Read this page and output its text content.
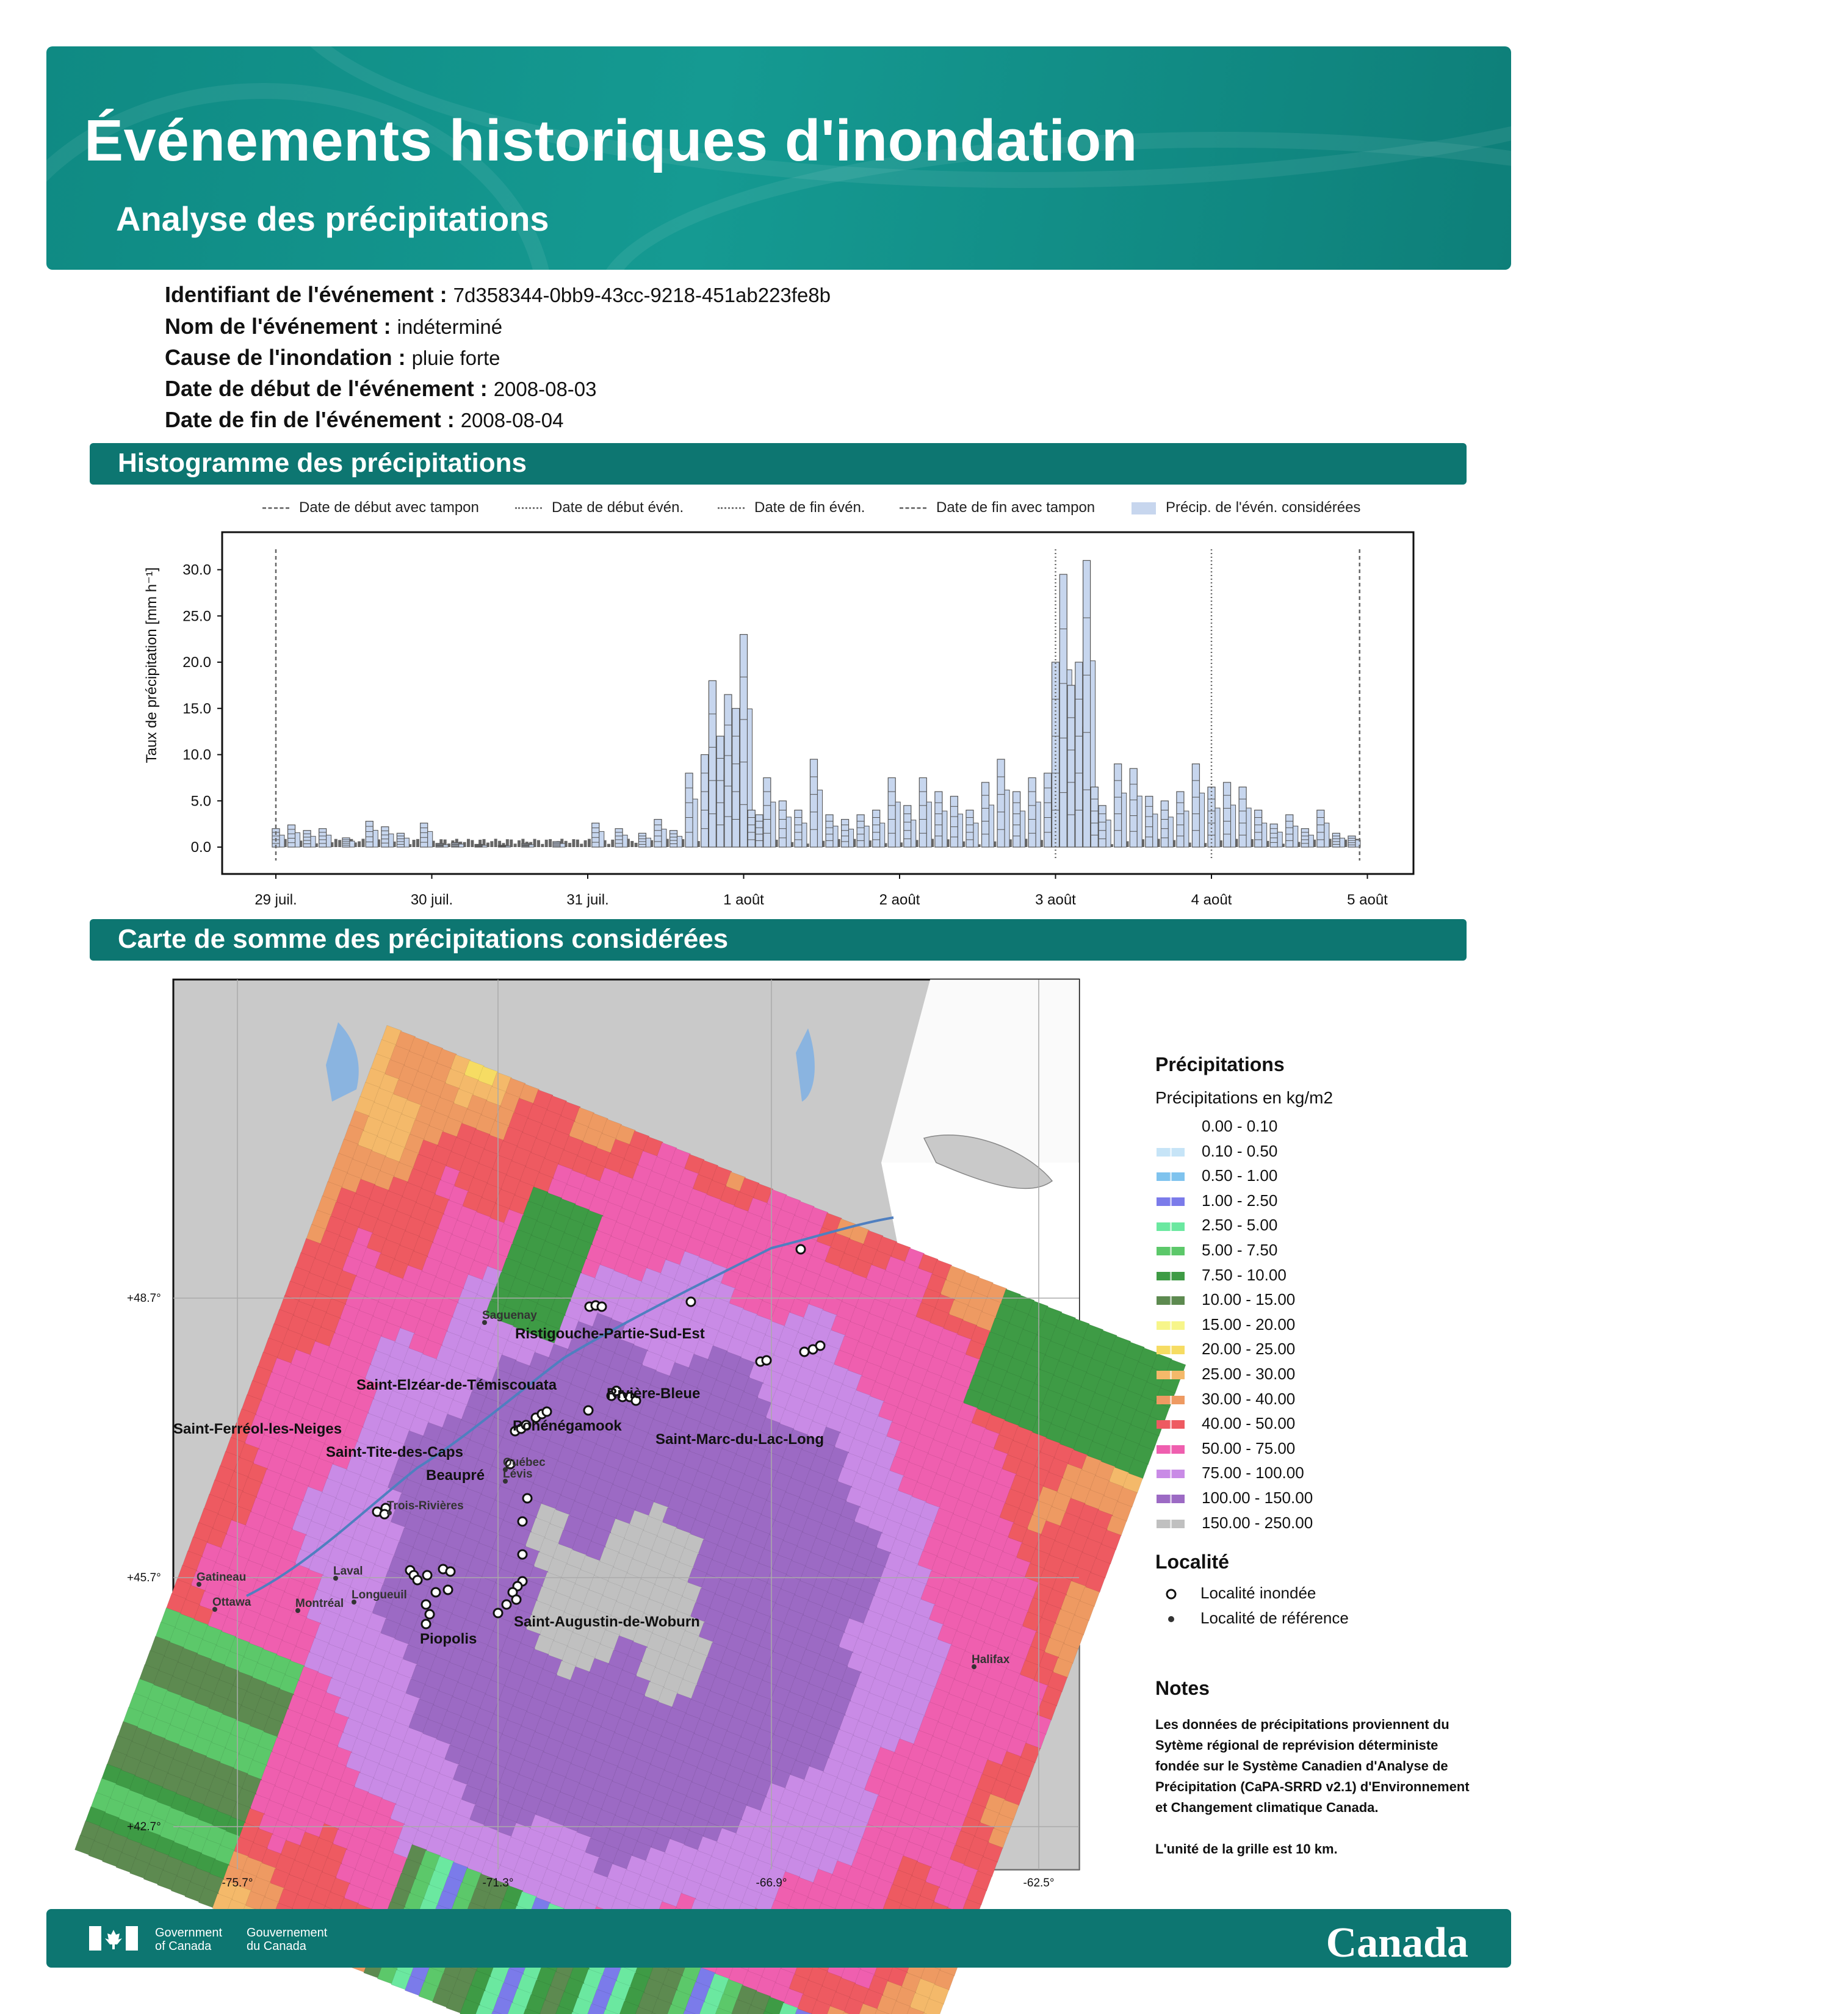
Événements historiques d'inondation
Analyse des précipitations
Identifiant de l'événement : 7d358344-0bb9-43cc-9218-451ab223fe8b
Nom de l'événement : indéterminé
Cause de l'inondation : pluie forte
Date de début de l'événement : 2008-08-03
Date de fin de l'événement : 2008-08-04
Histogramme des précipitations
Date de début avec tampon	Date de début évén.	Date de fin évén.	Date de fin avec tampon	Précip. de l'évén. considérées
0.0
5.0
10.0
15.0
20.0
25.0
30.0
29 juil.	30 juil.	31 juil.	1 août	2 août	3 août	4 août	5 août
Taux de précipitation [mm h⁻¹]
Carte de somme des précipitations considérées
+48.7°
+45.7°
+42.7°
-75.7°	-71.3°	-66.9°	-62.5°
Ristigouche-Partie-Sud-Est
Saint-Elzéar-de-Témiscouata
Rivière-Bleue
Saint-Ferréol-les-Neiges	Pohénégamook
Saint-Marc-du-Lac-Long
Saint-Tite-des-Caps
Beaupré
Piopolis
Saint-Augustin-de-Woburn
Saguenay
Québec
Lévis
Trois-Rivières
Gatineau
Ottawa
Laval
Longueuil
Montréal
Halifax
Précipitations
Précipitations en kg/m2
0.00 - 0.10
0.10 - 0.50
0.50 - 1.00
1.00 - 2.50
2.50 - 5.00
5.00 - 7.50
7.50 - 10.00
10.00 - 15.00
15.00 - 20.00
20.00 - 25.00
25.00 - 30.00
30.00 - 40.00
40.00 - 50.00
50.00 - 75.00
75.00 - 100.00
100.00 - 150.00
150.00 - 250.00
Localité
Localité inondée
Localité de référence
Notes
Les données de précipitations proviennent du Sytème régional de reprévision déterministe fondée sur le Système Canadien d'Analyse de Précipitation (CaPA-SRRD v2.1) d'Environnement et Changement climatique Canada.
L'unité de la grille est 10 km.
Government
of Canada
Gouvernement
du Canada	Canada
